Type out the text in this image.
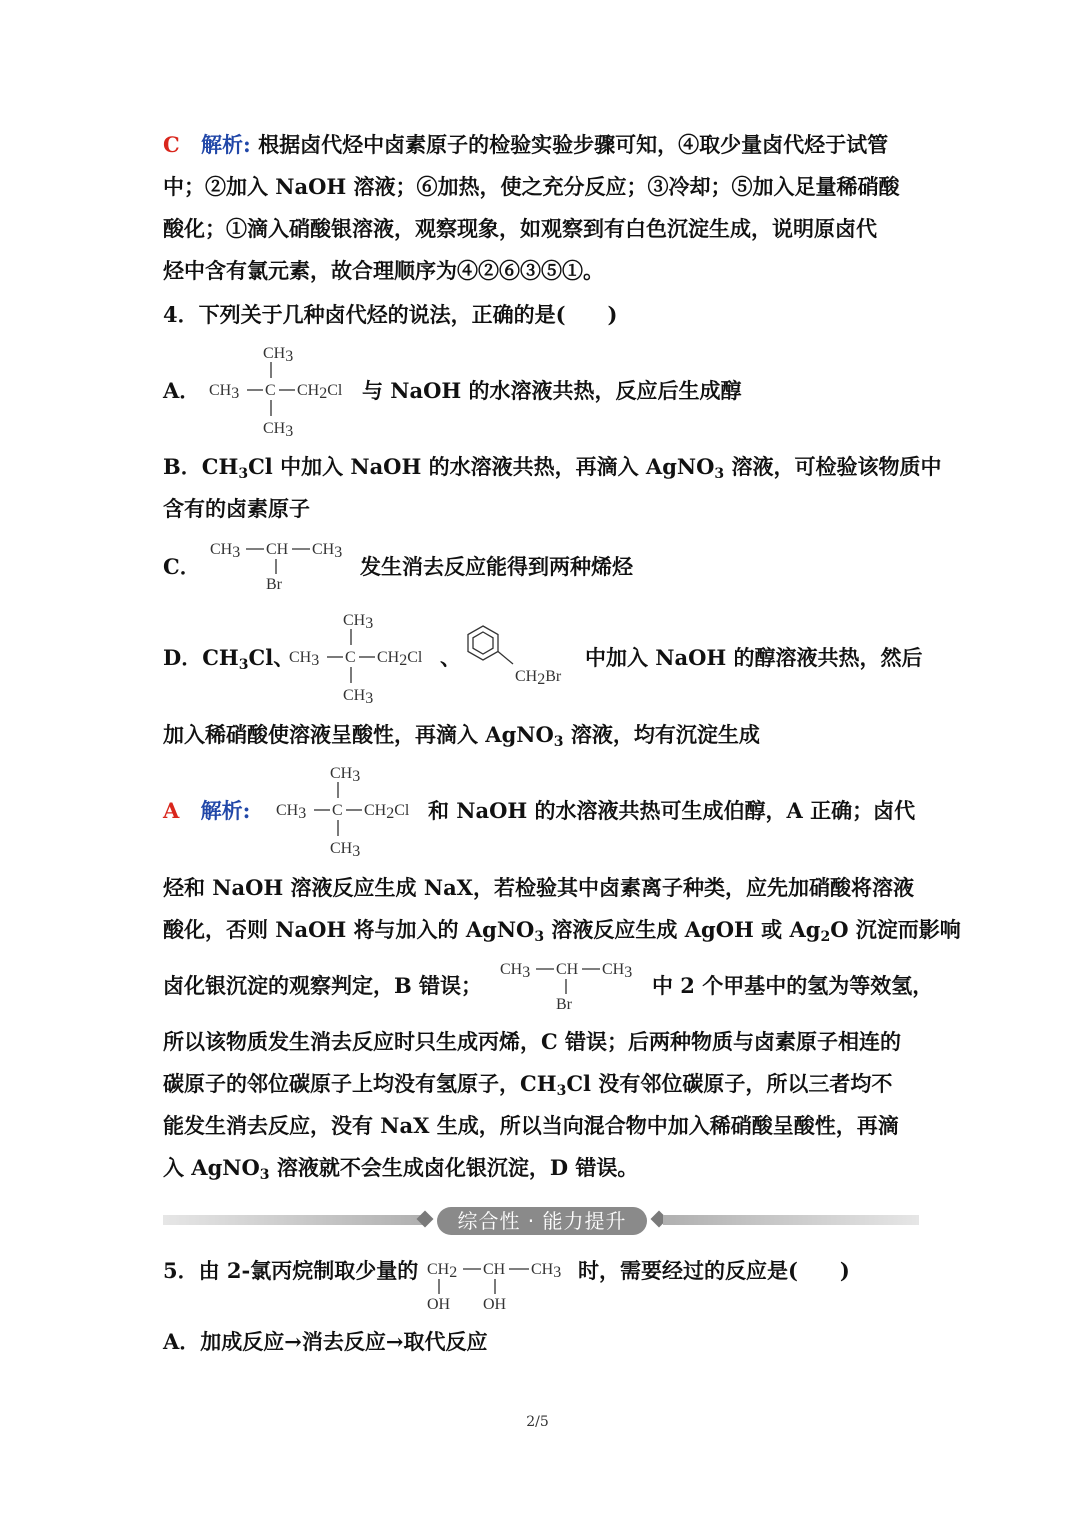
C 解析: 根据卤代烃中卤素原子的检验实验步骤可知，④取少量卤代烃于试管
中；②加入 NaOH 溶液；⑥加热，使之充分反应；③冷却；⑤加入足量稀硝酸
酸化；①滴入硝酸银溶液，观察现象，如观察到有白色沉淀生成，说明原卤代
烃中含有氯元素，故合理顺序为④②⑥③⑤①。
4．下列关于几种卤代烃的说法，正确的是(　　)
A．
CH3
CH3 C CH2Cl
CH3
与 NaOH 的水溶液共热，反应后生成醇
B．$CH_3Cl$ 中加入 NaOH 的水溶液共热，再滴入 AgNO$_3$ 溶液，可检验该物质中
含有的卤素原子
C．
CH3 CH CH3
Br
发生消去反应能得到两种烯烃
D．$CH_3Cl$、
CH3
CH3 C CH2Cl
CH3
、
CH2Br
中加入 NaOH 的醇溶液共热，然后
加入稀硝酸使溶液呈酸性，再滴入 AgNO$_3$ 溶液，均有沉淀生成
A 解析:
CH3
CH3 C CH2Cl
CH3
和 NaOH 的水溶液共热可生成伯醇，A 正确；卤代
烃和 NaOH 溶液反应生成 NaX，若检验其中卤素离子种类，应先加硝酸将溶液
酸化，否则 NaOH 将与加入的 AgNO$_3$ 溶液反应生成 AgOH 或 $Ag_2O$ 沉淀而影响
卤化银沉淀的观察判定，B 错误；
CH3 CH CH3
Br
中 2 个甲基中的氢为等效氢，
所以该物质发生消去反应时只生成丙烯，C 错误；后两种物质与卤素原子相连的
碳原子的邻位碳原子上均没有氢原子，$CH_3Cl$ 没有邻位碳原子，所以三者均不
能发生消去反应，没有 NaX 生成，所以当向混合物中加入稀硝酸呈酸性，再滴
入 AgNO$_3$ 溶液就不会生成卤化银沉淀，D 错误。
综合性 · 能力提升
5．由 2-氯丙烷制取少量的 CH2 CH CH3
OH OH
时，需要经过的反应是(　　)
A．加成反应→消去反应→取代反应
2/5
